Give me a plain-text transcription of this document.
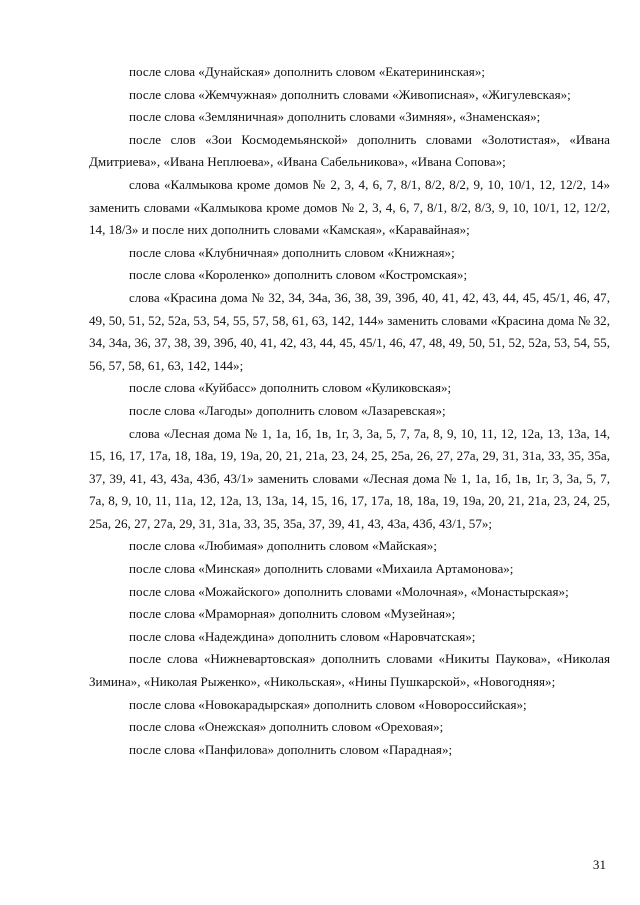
после слова «Дунайская» дополнить словом «Екатерининская»;

после слова «Жемчужная» дополнить словами «Живописная», «Жигулевская»;

после слова «Земляничная» дополнить словами «Зимняя», «Знаменская»;

после слов «Зои Космодемьянской» дополнить словами «Золотистая», «Ивана Дмитриева», «Ивана Неплюева», «Ивана Сабельникова», «Ивана Сопова»;

слова «Калмыкова кроме домов № 2, 3, 4, 6, 7, 8/1, 8/2, 8/2, 9, 10, 10/1, 12, 12/2, 14» заменить словами «Калмыкова кроме домов № 2, 3, 4, 6, 7, 8/1, 8/2, 8/3, 9, 10, 10/1, 12, 12/2, 14, 18/3» и после них дополнить словами «Камская», «Каравайная»;

после слова «Клубничная» дополнить словом «Книжная»;

после слова «Короленко» дополнить словом «Костромская»;

слова «Красина дома № 32, 34, 34а, 36, 38, 39, 39б, 40, 41, 42, 43, 44, 45, 45/1, 46, 47, 49, 50, 51, 52, 52а, 53, 54, 55, 57, 58, 61, 63, 142, 144» заменить словами «Красина дома № 32, 34, 34а, 36, 37, 38, 39, 39б, 40, 41, 42, 43, 44, 45, 45/1, 46, 47, 48, 49, 50, 51, 52, 52а, 53, 54, 55, 56, 57, 58, 61, 63, 142, 144»;

после слова «Куйбасс» дополнить словом «Куликовская»;

после слова «Лагоды» дополнить словом «Лазаревская»;

слова «Лесная дома № 1, 1а, 1б, 1в, 1г, 3, 3а, 5, 7, 7а, 8, 9, 10, 11, 12, 12а, 13, 13а, 14, 15, 16, 17, 17а, 18, 18а, 19, 19а, 20, 21, 21а, 23, 24, 25, 25а, 26, 27, 27а, 29, 31, 31а, 33, 35, 35а, 37, 39, 41, 43, 43а, 43б, 43/1» заменить словами «Лесная дома № 1, 1а, 1б, 1в, 1г, 3, 3а, 5, 7, 7а, 8, 9, 10, 11, 11а, 12, 12а, 13, 13а, 14, 15, 16, 17, 17а, 18, 18а, 19, 19а, 20, 21, 21а, 23, 24, 25, 25а, 26, 27, 27а, 29, 31, 31а, 33, 35, 35а, 37, 39, 41, 43, 43а, 43б, 43/1, 57»;

после слова «Любимая» дополнить словом «Майская»;

после слова «Минская» дополнить словами «Михаила Артамонова»;

после слова «Можайского» дополнить словами «Молочная», «Монастырская»;

после слова «Мраморная» дополнить словом «Музейная»;

после слова «Надеждина» дополнить словом «Наровчатская»;

после слова «Нижневартовская» дополнить словами «Никиты Паукова», «Николая Зимина», «Николая Рыженко», «Никольская», «Нины Пушкарской», «Новогодняя»;

после слова «Новокарадырская» дополнить словом «Новороссийская»;

после слова «Онежская» дополнить словом «Ореховая»;

после слова «Панфилова» дополнить словом «Парадная»;

31
